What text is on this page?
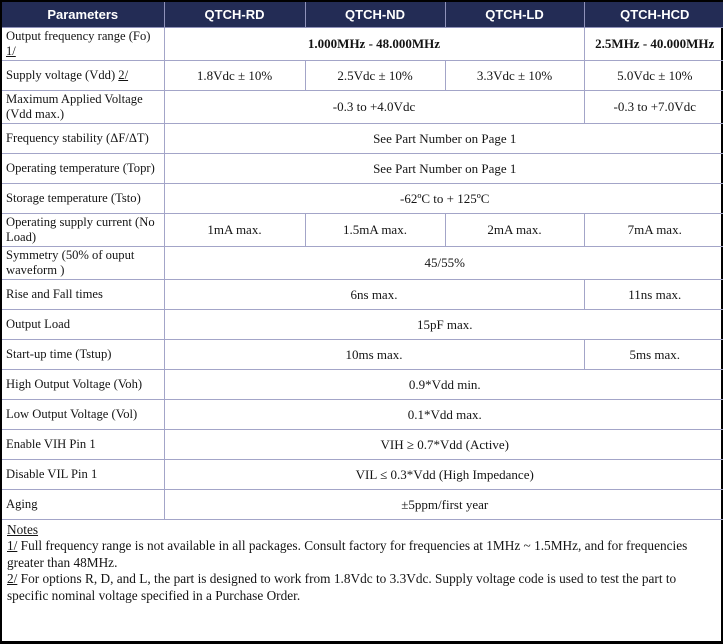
Parameters	QTCH-RD	QTCH-ND	QTCH-LD	QTCH-HCD
Output frequency range (Fo) 1/	1.000MHz - 48.000MHz			2.5MHz - 40.000MHz
Supply voltage (Vdd) 2/	1.8Vdc ± 10%	2.5Vdc ± 10%	3.3Vdc ± 10%	5.0Vdc ± 10%
Maximum Applied Voltage (Vdd max.)	-0.3 to +4.0Vdc			-0.3 to +7.0Vdc
Frequency stability (ΔF/ΔT)	See Part Number on Page 1			
Operating temperature (Topr)	See Part Number on Page 1			
Storage temperature (Tsto)	-62ºC to + 125ºC			
Operating supply current (No Load)	1mA max.	1.5mA max.	2mA max.	7mA max.
Symmetry (50% of ouput waveform )	45/55%			
Rise and Fall times	6ns max.			11ns max.
Output Load	15pF max.			
Start-up time (Tstup)	10ms max.			5ms max.
High Output Voltage (Voh)	0.9*Vdd min.			
Low Output Voltage (Vol)	0.1*Vdd max.			
Enable VIH Pin 1	VIH ≥ 0.7*Vdd (Active)			
Disable VIL Pin 1	VIL ≤ 0.3*Vdd (High Impedance)			
Aging	±5ppm/first year			
Notes
1/ Full frequency range is not available in all packages. Consult factory for frequencies at 1MHz ~ 1.5MHz, and for frequencies greater than 48MHz.
2/ For options R, D, and L, the part is designed to work from 1.8Vdc to 3.3Vdc. Supply voltage code is used to test the part to specific nominal voltage specified in a Purchase Order.
